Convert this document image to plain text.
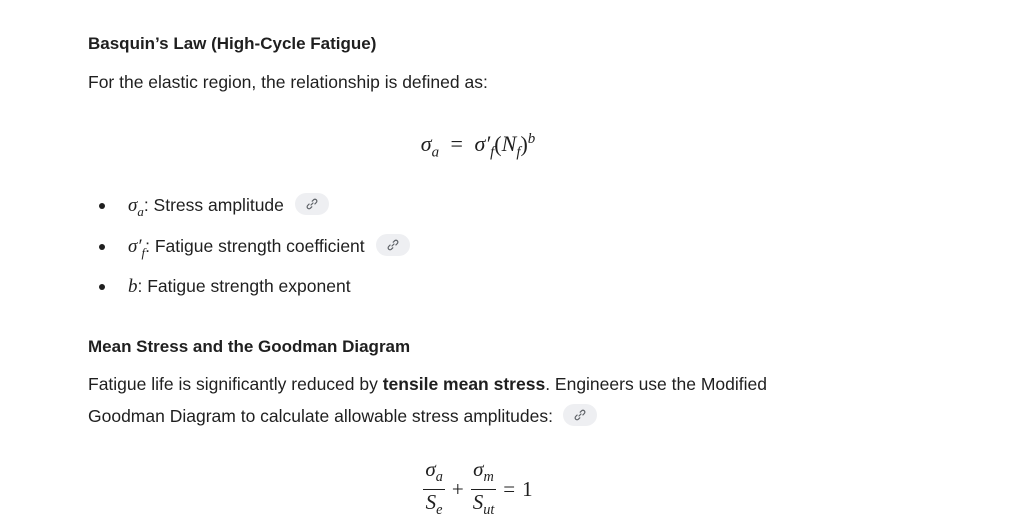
Basquin’s Law (High-Cycle Fatigue)
For the elastic region, the relationship is defined as:
$\sigma_a = \sigma'_f(N_f)^b$
$\sigma_a$: Stress amplitude
$\sigma'_f$: Fatigue strength coefficient
b: Fatigue strength exponent
Mean Stress and the Goodman Diagram
Fatigue life is significantly reduced by tensile mean stress. Engineers use the Modified
Goodman Diagram to calculate allowable stress amplitudes:
$\frac{\sigma_a}{S_e} + \frac{\sigma_m}{S_{ut}} = 1$
